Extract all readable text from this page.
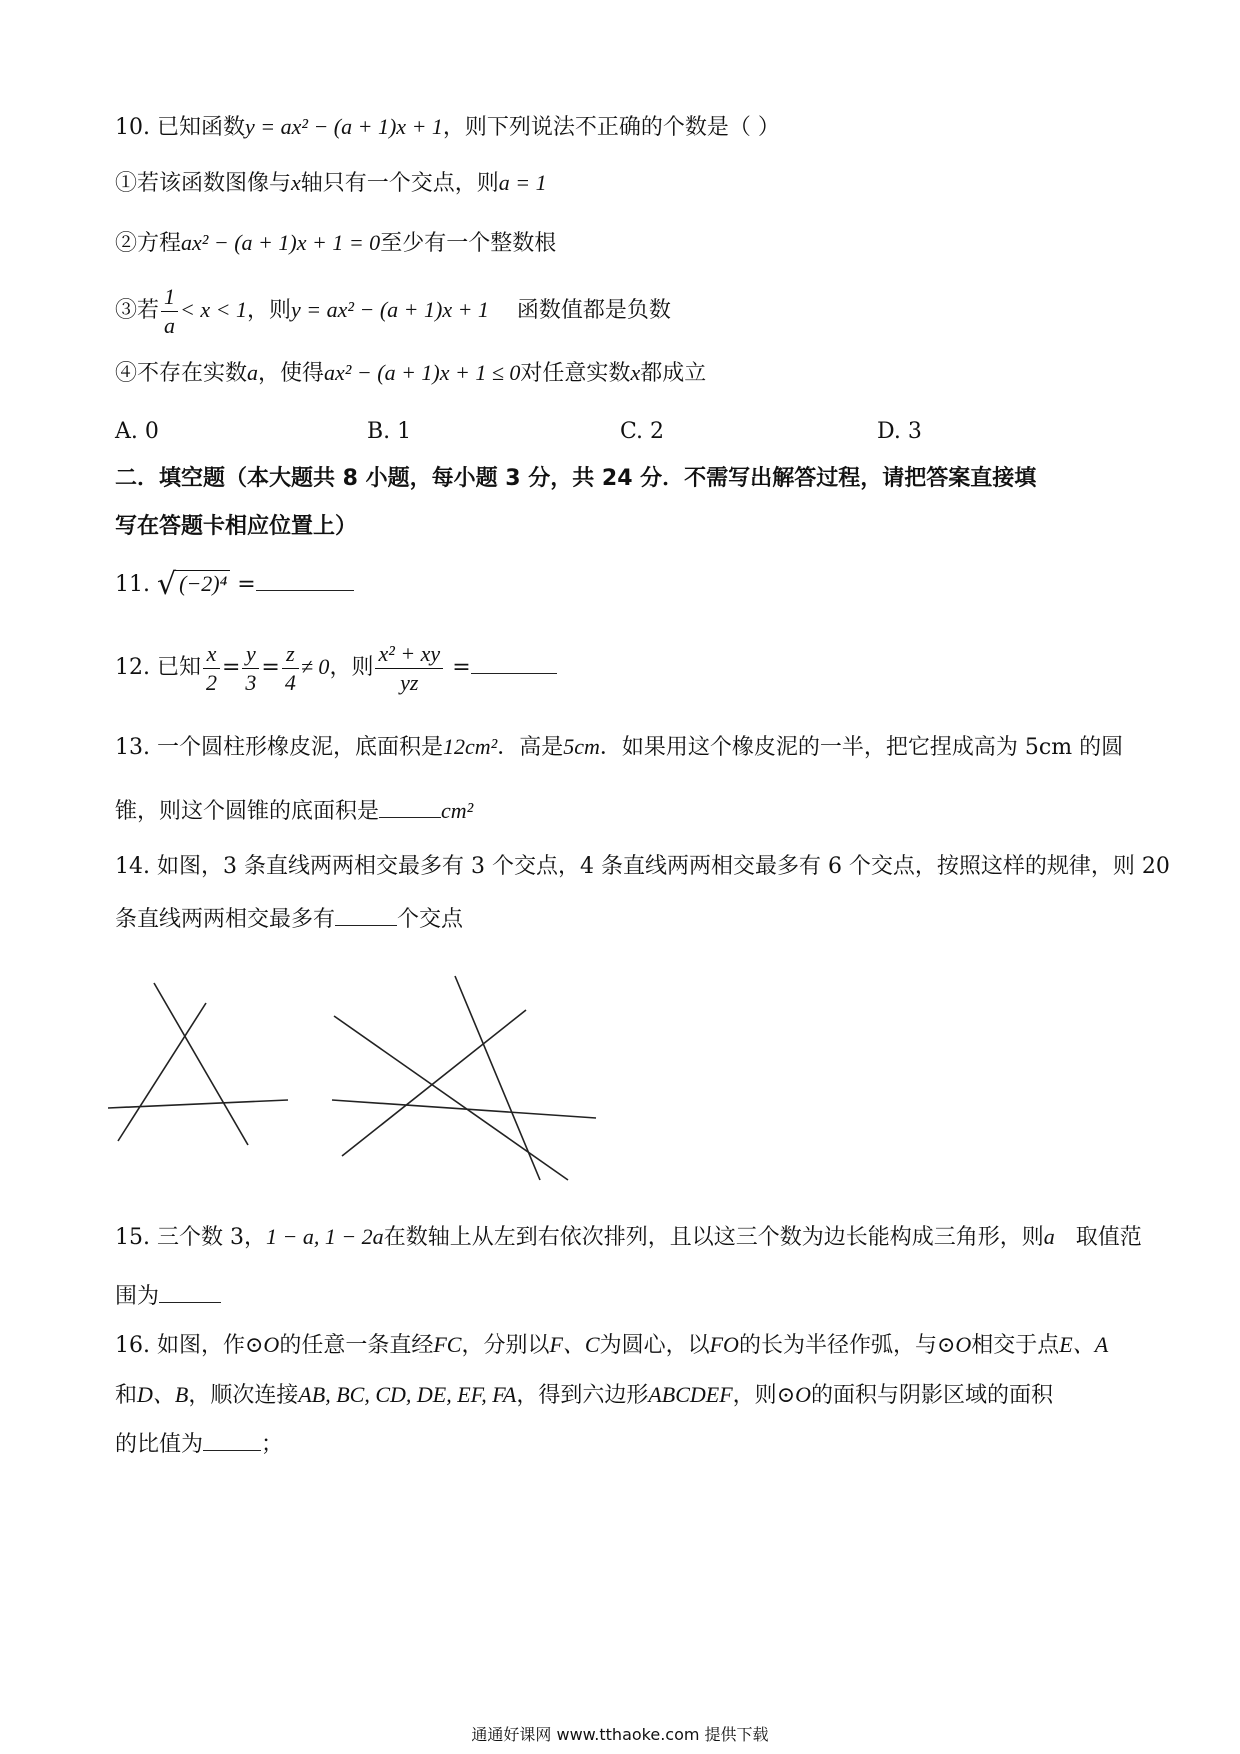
10. 已知函数y = ax² − (a + 1)x + 1，则下列说法不正确的个数是（ ）
①若该函数图像与x轴只有一个交点，则a = 1
②方程ax² − (a + 1)x + 1 = 0至少有一个整数根
③若 $\frac{1}{a} < x < 1$，则y = ax² − (a + 1)x + 1 函数值都是负数
④不存在实数a，使得ax² − (a + 1)x + 1 ≤ 0对任意实数x都成立
A. 0	B. 1	C. 2	D. 3
二．填空题（本大题共 8 小题，每小题 3 分，共 24 分．不需写出解答过程，请把答案直接填
写在答题卡相应位置上）
11. √ (−2)⁴ =
12. 已知 $\frac{x}{2} = \frac{y}{3} = \frac{z}{4} \ne 0$，则 $\frac{\text{x² + xy}}{yz}$ =
13. 一个圆柱形橡皮泥，底面积是12cm²．高是5cm．如果用这个橡皮泥的一半，把它捏成高为 5cm 的圆
锥，则这个圆锥的底面积是	cm²
14. 如图，3 条直线两两相交最多有 3 个交点，4 条直线两两相交最多有 6 个交点，按照这样的规律，则 20
条直线两两相交最多有	个交点
15. 三个数 3，1 − a, 1 − 2a在数轴上从左到右依次排列，且以这三个数为边长能构成三角形，则a 取值范
围为
16. 如图，作⊙O的任意一条直经FC，分别以F、C为圆心，以FO的长为半径作弧，与⊙O相交于点E、A
和D、B，顺次连接AB, BC, CD, DE, EF, FA，得到六边形ABCDEF，则⊙O的面积与阴影区域的面积
的比值为	；
通通好课网 www.tthaoke.com 提供下载
